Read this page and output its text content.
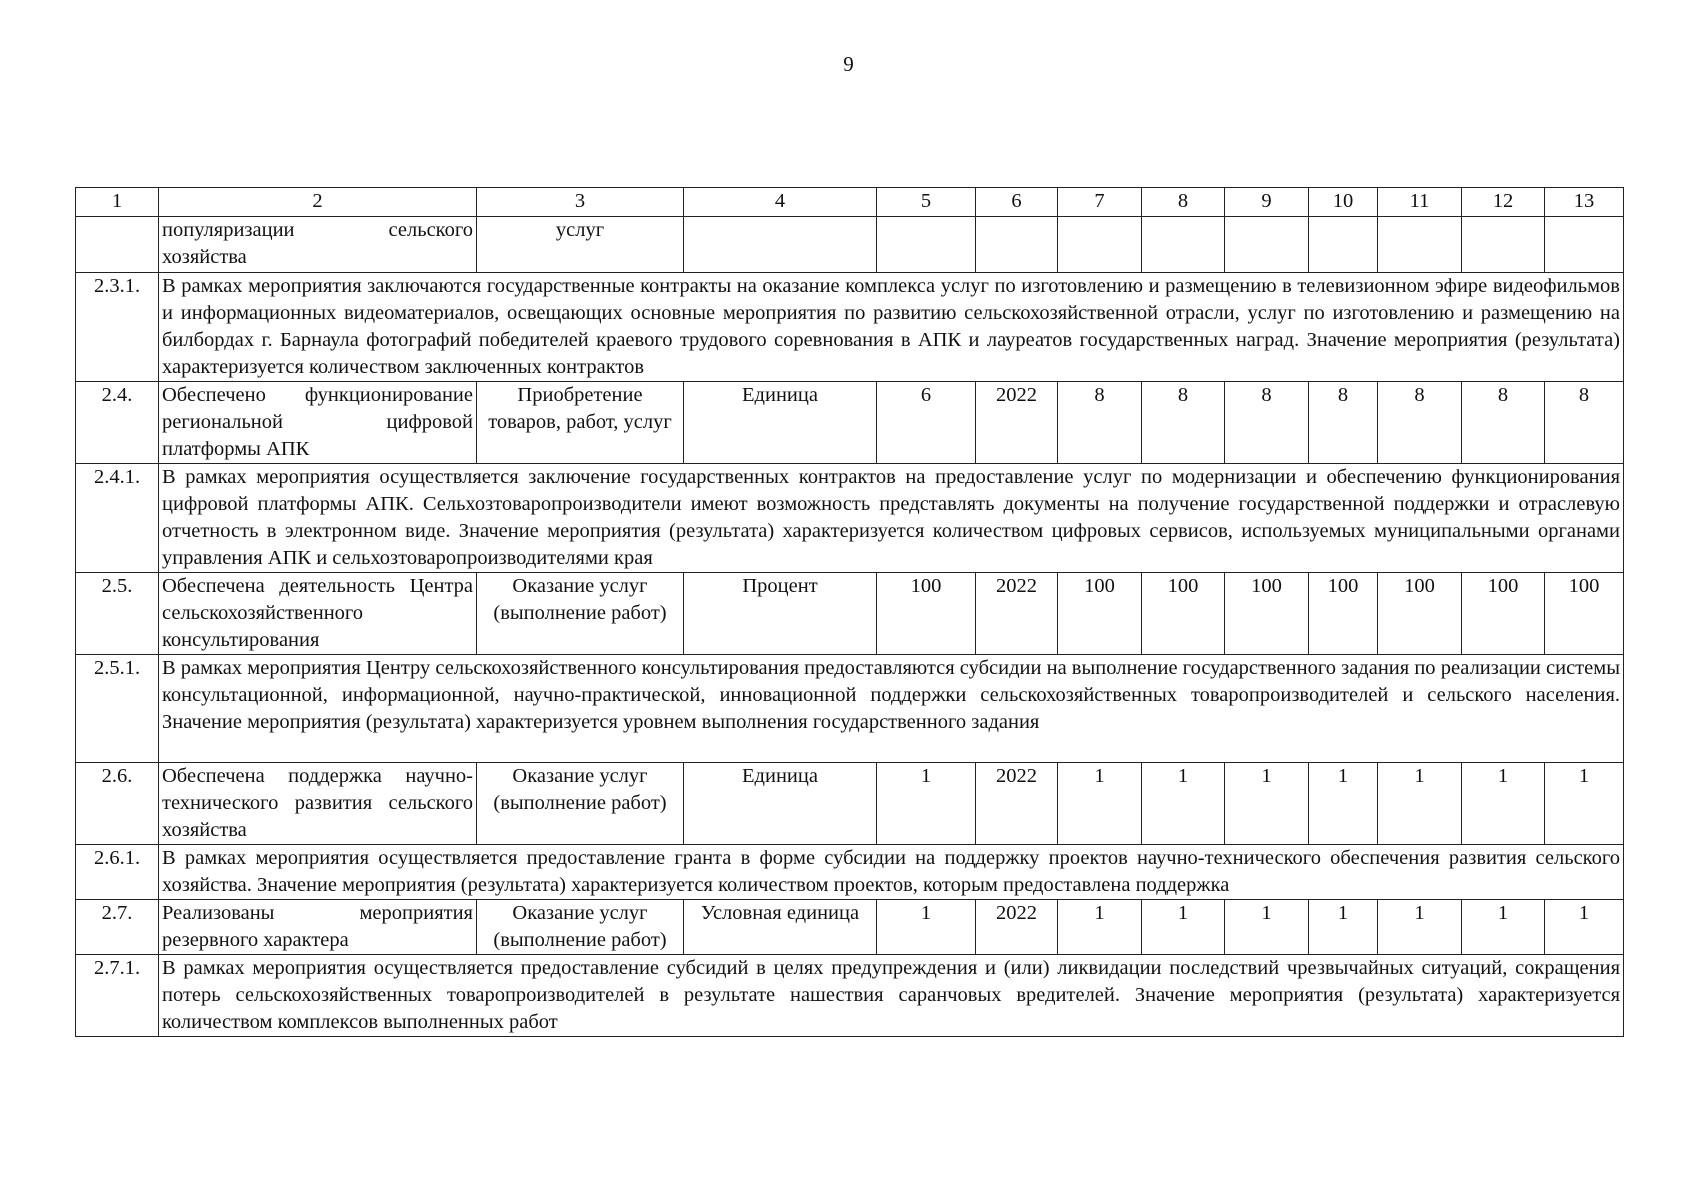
9
1	2	3	4	5	6	7	8	9	10	11	12	13
	популяризации сельского хозяйства	услуг										
2.3.1.	В рамках мероприятия заключаются государственные контракты на оказание комплекса услуг по изготовлению и размещению в телевизионном эфире видеофильмов и информационных видеоматериалов, освещающих основные мероприятия по развитию сельскохозяйственной отрасли, услуг по изготовлению и размещению на билбордах г. Барнаула фотографий победителей краевого трудового соревнования в АПК и лауреатов государственных наград. Значение мероприятия (результата) характеризуется количеством заключенных контрактов											
2.4.	Обеспечено функционирование региональной цифровой платформы АПК	Приобретение товаров, работ, услуг	Единица	6	2022	8	8	8	8	8	8	8
2.4.1.	В рамках мероприятия осуществляется заключение государственных контрактов на предоставление услуг по модернизации и обеспечению функционирования цифровой платформы АПК. Сельхозтоваропроизводители имеют возможность представлять документы на получение государственной поддержки и отраслевую отчетность в электронном виде. Значение мероприятия (результата) характеризуется количеством цифровых сервисов, используемых муниципальными органами управления АПК и сельхозтоваропроизводителями края											
2.5.	Обеспечена деятельность Центра сельскохозяйственного консультирования	Оказание услуг (выполнение работ)	Процент	100	2022	100	100	100	100	100	100	100
2.5.1.	В рамках мероприятия Центру сельскохозяйственного консультирования предоставляются субсидии на выполнение государственного задания по реализации системы консультационной, информационной, научно-практической, инновационной поддержки сельскохозяйственных товаропроизводителей и сельского населения. Значение мероприятия (результата) характеризуется уровнем выполнения государственного задания											
2.6.	Обеспечена поддержка научно-технического развития сельского хозяйства	Оказание услуг (выполнение работ)	Единица	1	2022	1	1	1	1	1	1	1
2.6.1.	В рамках мероприятия осуществляется предоставление гранта в форме субсидии на поддержку проектов научно-технического обеспечения развития сельского хозяйства. Значение мероприятия (результата) характеризуется количеством проектов, которым предоставлена поддержка											
2.7.	Реализованы мероприятия резервного характера	Оказание услуг (выполнение работ)	Условная единица	1	2022	1	1	1	1	1	1	1
2.7.1.	В рамках мероприятия осуществляется предоставление субсидий в целях предупреждения и (или) ликвидации последствий чрезвычайных ситуаций, сокращения потерь сельскохозяйственных товаропроизводителей в результате нашествия саранчовых вредителей. Значение мероприятия (результата) характеризуется количеством комплексов выполненных работ											
